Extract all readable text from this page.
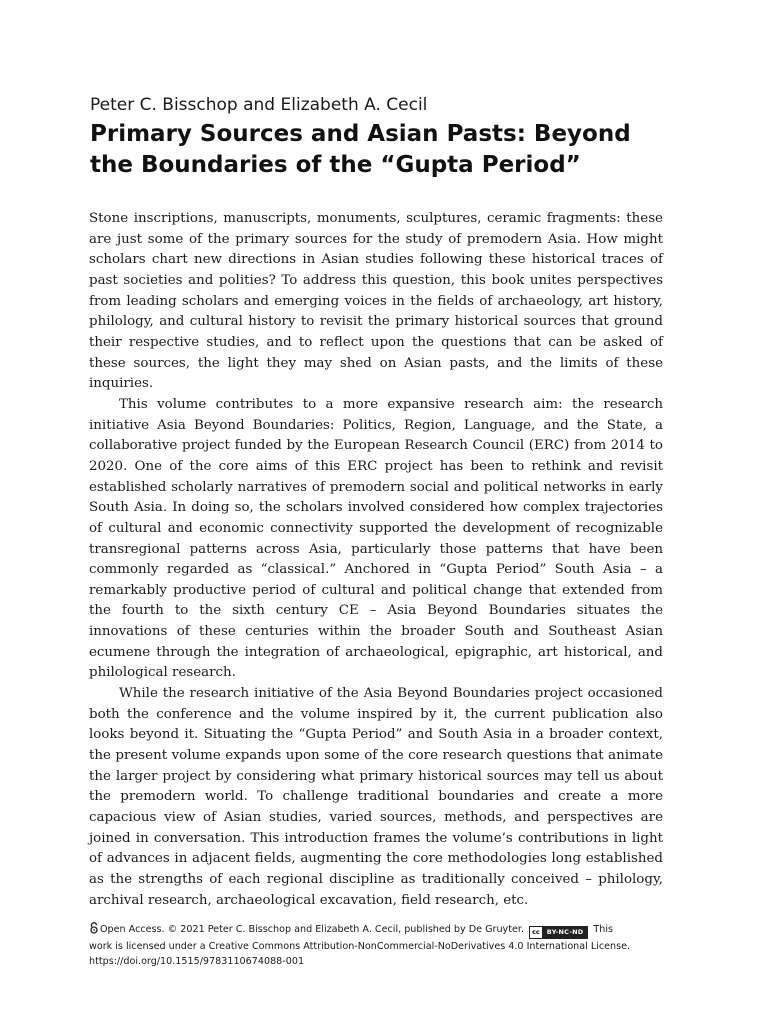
Peter C. Bisschop and Elizabeth A. Cecil
Primary Sources and Asian Pasts: Beyond
the Boundaries of the “Gupta Period”

Stone inscriptions, manuscripts, monuments, sculptures, ceramic fragments: these are just some of the primary sources for the study of premodern Asia. How might scholars chart new directions in Asian studies following these historical traces of past societies and polities? To address this question, this book unites perspectives from leading scholars and emerging voices in the fields of archaeology, art history, philology, and cultural history to revisit the primary historical sources that ground their respective studies, and to reflect upon the questions that can be asked of these sources, the light they may shed on Asian pasts, and the limits of these inquiries.

This volume contributes to a more expansive research aim: the research initiative Asia Beyond Boundaries: Politics, Region, Language, and the State, a collaborative project funded by the European Research Council (ERC) from 2014 to 2020. One of the core aims of this ERC project has been to rethink and revisit established scholarly narratives of premodern social and political networks in early South Asia. In doing so, the scholars involved considered how complex trajectories of cultural and economic connectivity supported the development of recognizable transregional patterns across Asia, particularly those patterns that have been commonly regarded as “classical.” Anchored in “Gupta Period” South Asia – a remarkably productive period of cultural and political change that extended from the fourth to the sixth century CE – Asia Beyond Boundaries situates the innovations of these centuries within the broader South and Southeast Asian ecumene through the integration of archaeological, epigraphic, art historical, and philological research.

While the research initiative of the Asia Beyond Boundaries project occasioned both the conference and the volume inspired by it, the current publication also looks beyond it. Situating the “Gupta Period” and South Asia in a broader context, the present volume expands upon some of the core research questions that animate the larger project by considering what primary historical sources may tell us about the premodern world. To challenge traditional boundaries and create a more capacious view of Asian studies, varied sources, methods, and perspectives are joined in conversation. This introduction frames the volume’s contributions in light of advances in adjacent fields, augmenting the core methodologies long established as the strengths of each regional discipline as traditionally conceived – philology, archival research, archaeological excavation, field research, etc.

Open Access. © 2021 Peter C. Bisschop and Elizabeth A. Cecil, published by De Gruyter.	cc	BY-NC-ND	This
work is licensed under a Creative Commons Attribution-NonCommercial-NoDerivatives 4.0 International License.
https://doi.org/10.1515/9783110674088-001
